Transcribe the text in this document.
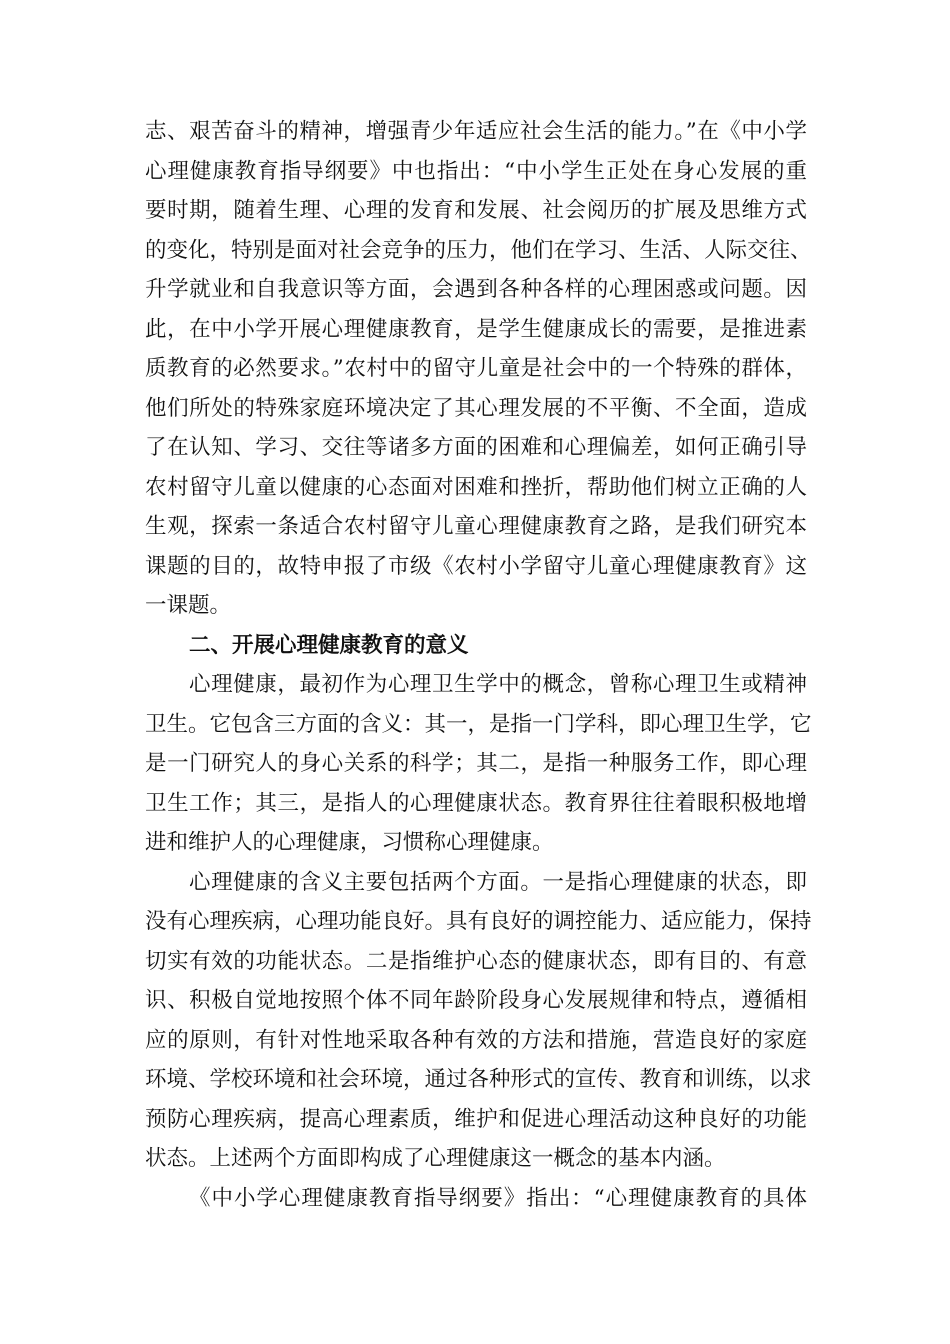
志、艰苦奋斗的精神，增强青少年适应社会生活的能力。”在《中小学
心理健康教育指导纲要》中也指出：“中小学生正处在身心发展的重
要时期，随着生理、心理的发育和发展、社会阅历的扩展及思维方式
的变化，特别是面对社会竞争的压力，他们在学习、生活、人际交往、
升学就业和自我意识等方面，会遇到各种各样的心理困惑或问题。因
此，在中小学开展心理健康教育，是学生健康成长的需要，是推进素
质教育的必然要求。”农村中的留守儿童是社会中的一个特殊的群体，
他们所处的特殊家庭环境决定了其心理发展的不平衡、不全面，造成
了在认知、学习、交往等诸多方面的困难和心理偏差，如何正确引导
农村留守儿童以健康的心态面对困难和挫折，帮助他们树立正确的人
生观，探索一条适合农村留守儿童心理健康教育之路，是我们研究本
课题的目的，故特申报了市级《农村小学留守儿童心理健康教育》这
一课题。
二、开展心理健康教育的意义
心理健康，最初作为心理卫生学中的概念，曾称心理卫生或精神
卫生。它包含三方面的含义：其一，是指一门学科，即心理卫生学，它
是一门研究人的身心关系的科学；其二，是指一种服务工作，即心理
卫生工作；其三，是指人的心理健康状态。教育界往往着眼积极地增
进和维护人的心理健康，习惯称心理健康。
心理健康的含义主要包括两个方面。一是指心理健康的状态，即
没有心理疾病，心理功能良好。具有良好的调控能力、适应能力，保持
切实有效的功能状态。二是指维护心态的健康状态，即有目的、有意
识、积极自觉地按照个体不同年龄阶段身心发展规律和特点，遵循相
应的原则，有针对性地采取各种有效的方法和措施，营造良好的家庭
环境、学校环境和社会环境，通过各种形式的宣传、教育和训练，以求
预防心理疾病，提高心理素质，维护和促进心理活动这种良好的功能
状态。上述两个方面即构成了心理健康这一概念的基本内涵。
《中小学心理健康教育指导纲要》指出：“心理健康教育的具体
